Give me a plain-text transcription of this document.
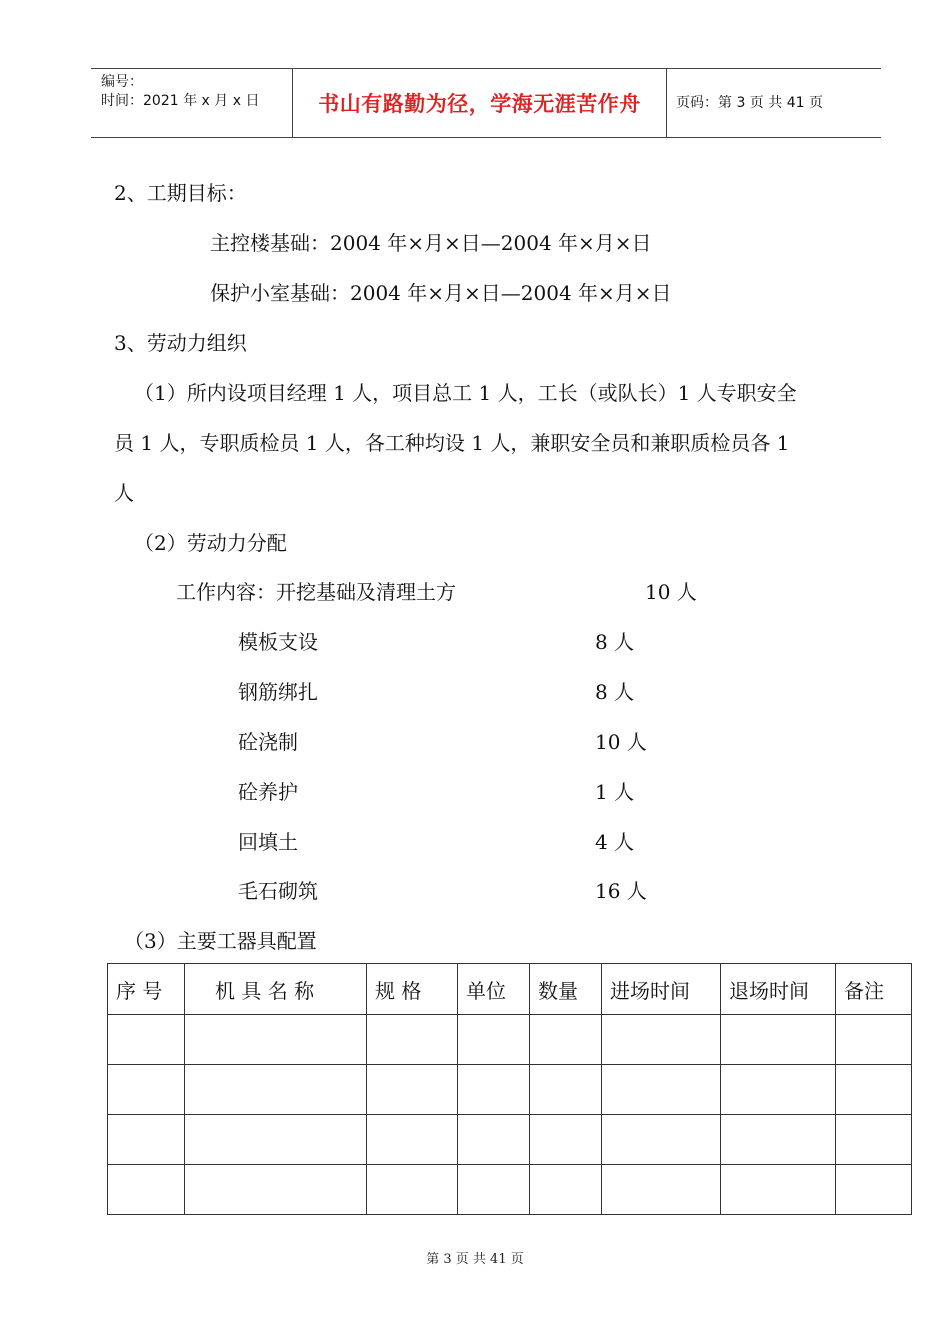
编号：
时间：2021 年 x 月 x 日	书山有路勤为径，学海无涯苦作舟	页码：第 3 页 共 41 页
2、工期目标：
主控楼基础：2004 年×月×日—2004 年×月×日
保护小室基础：2004 年×月×日—2004 年×月×日
3、劳动力组织
（1）所内设项目经理 1 人，项目总工 1 人，工长（或队长）1 人专职安全
员 1 人，专职质检员 1 人，各工种均设 1 人，兼职安全员和兼职质检员各 1
人
（2）劳动力分配
工作内容：开挖基础及清理土方	10 人
模板支设	8 人
钢筋绑扎	8 人
砼浇制	10 人
砼养护	1 人
回填土	4 人
毛石砌筑	16 人
（3）主要工器具配置
序 号	机 具 名 称	规 格	单位	数量	进场时间	退场时间	备注

第 3 页 共 41 页
